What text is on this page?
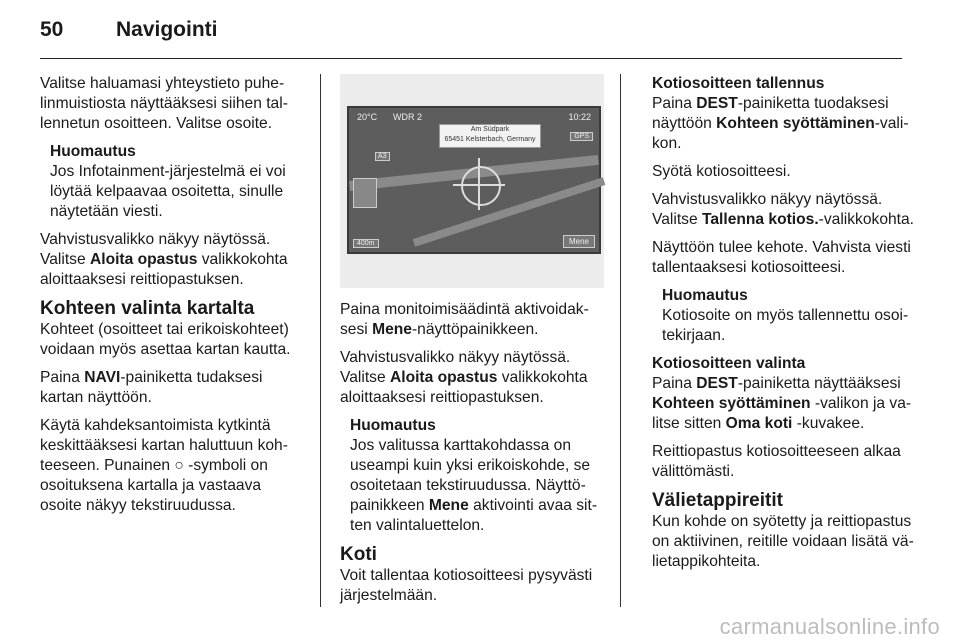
50	Navigointi

Valitse haluamasi yhteystieto puhelinmuistiosta näyttääksesi siihen tallennetun osoitteen. Valitse osoite.

Huomautus
Jos Infotainment-järjestelmä ei voi löytää kelpaavaa osoitetta, sinulle näytetään viesti.

Vahvistusvalikko näkyy näytössä. Valitse Aloita opastus valikkokohta aloittaaksesi reittiopastuksen.

Kohteen valinta kartalta

Kohteet (osoitteet tai erikoiskohteet) voidaan myös asettaa kartan kautta.

Paina NAVI-painiketta tudaksesi kartan näyttöön.

Käytä kahdeksantoimista kytkintä keskittääksesi kartan haluttuun kohteeseen. Punainen ○ -symboli on osoituksena kartalla ja vastaava osoite näkyy tekstiruudussa.

20°C WDR 2	10:22
GPS
Am Südpark
65451 Kelsterbach, Germany
A3
400m	Mene

Paina monitoimisäädintä aktivoidaksesi Mene-näyttöpainikkeen.

Vahvistusvalikko näkyy näytössä. Valitse Aloita opastus valikkokohta aloittaaksesi reittiopastuksen.

Huomautus
Jos valitussa karttakohdassa on useampi kuin yksi erikoiskohde, se osoitetaan tekstiruudussa. Näyttöpainikkeen Mene aktivointi avaa sitten valintaluettelon.
Koti

Voit tallentaa kotiosoitteesi pysyvästi järjestelmään.

Kotiosoitteen tallennus

Paina DEST-painiketta tuodaksesi näyttöön Kohteen syöttäminen-valikon.

Syötä kotiosoitteesi.

Vahvistusvalikko näkyy näytössä. Valitse Tallenna kotios.-valikkokohta.

Näyttöön tulee kehote. Vahvista viesti tallentaaksesi kotiosoitteesi.

Huomautus
Kotiosoite on myös tallennettu osoitekirjaan.
Kotiosoitteen valinta

Paina DEST-painiketta näyttääksesi Kohteen syöttäminen -valikon ja valitse sitten Oma koti -kuvakee.

Reittiopastus kotiosoitteeseen alkaa välittömästi.

Välietappireitit

Kun kohde on syötetty ja reittiopastus on aktiivinen, reitille voidaan lisätä välietappikohteita.

carmanualsonline.info
